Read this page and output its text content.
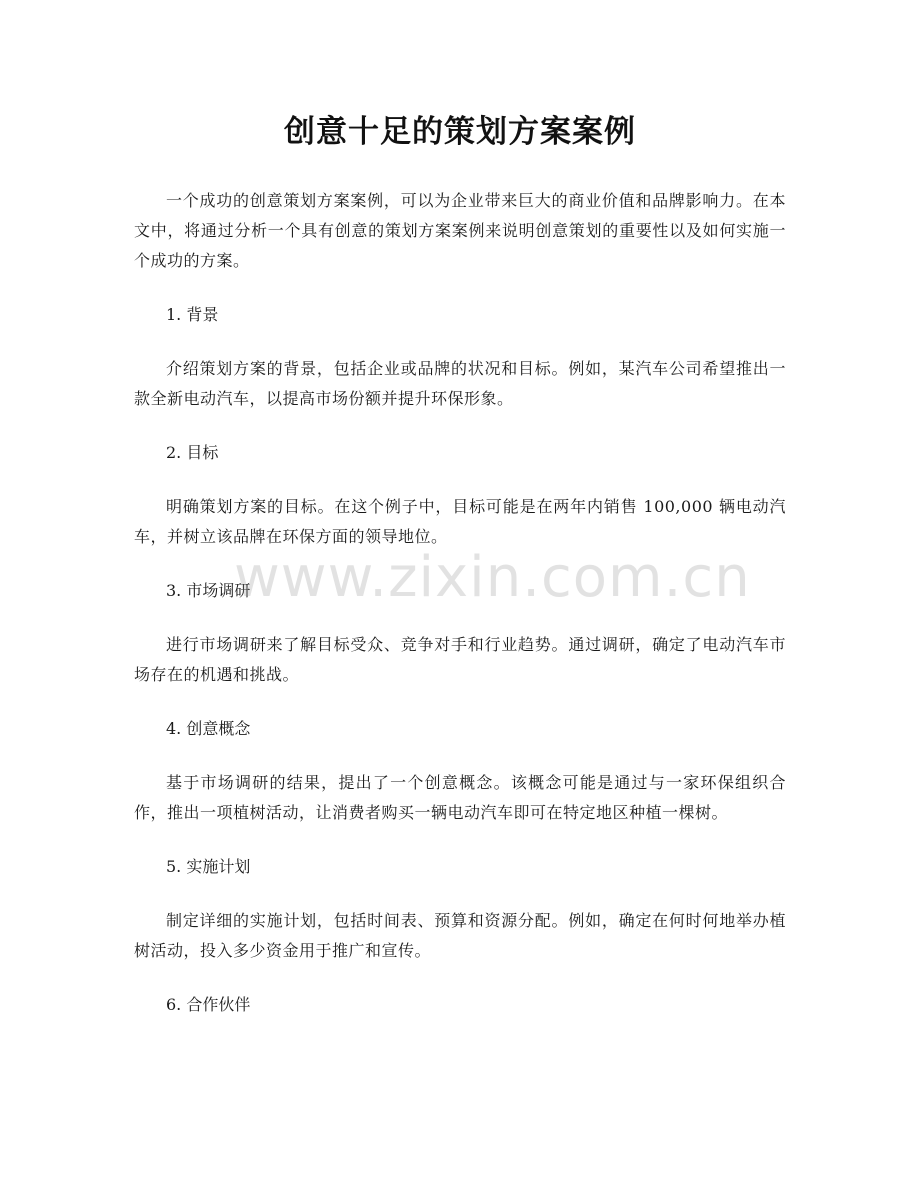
创意十足的策划方案案例

一个成功的创意策划方案案例，可以为企业带来巨大的商业价值和品牌影响力。在本文中，将通过分析一个具有创意的策划方案案例来说明创意策划的重要性以及如何实施一个成功的方案。

1. 背景

介绍策划方案的背景，包括企业或品牌的状况和目标。例如，某汽车公司希望推出一款全新电动汽车，以提高市场份额并提升环保形象。

2. 目标

明确策划方案的目标。在这个例子中，目标可能是在两年内销售 100,000 辆电动汽车，并树立该品牌在环保方面的领导地位。

3. 市场调研

进行市场调研来了解目标受众、竞争对手和行业趋势。通过调研，确定了电动汽车市场存在的机遇和挑战。

4. 创意概念

基于市场调研的结果，提出了一个创意概念。该概念可能是通过与一家环保组织合作，推出一项植树活动，让消费者购买一辆电动汽车即可在特定地区种植一棵树。

5. 实施计划

制定详细的实施计划，包括时间表、预算和资源分配。例如，确定在何时何地举办植树活动，投入多少资金用于推广和宣传。

6. 合作伙伴

www.zixin.com.cn
